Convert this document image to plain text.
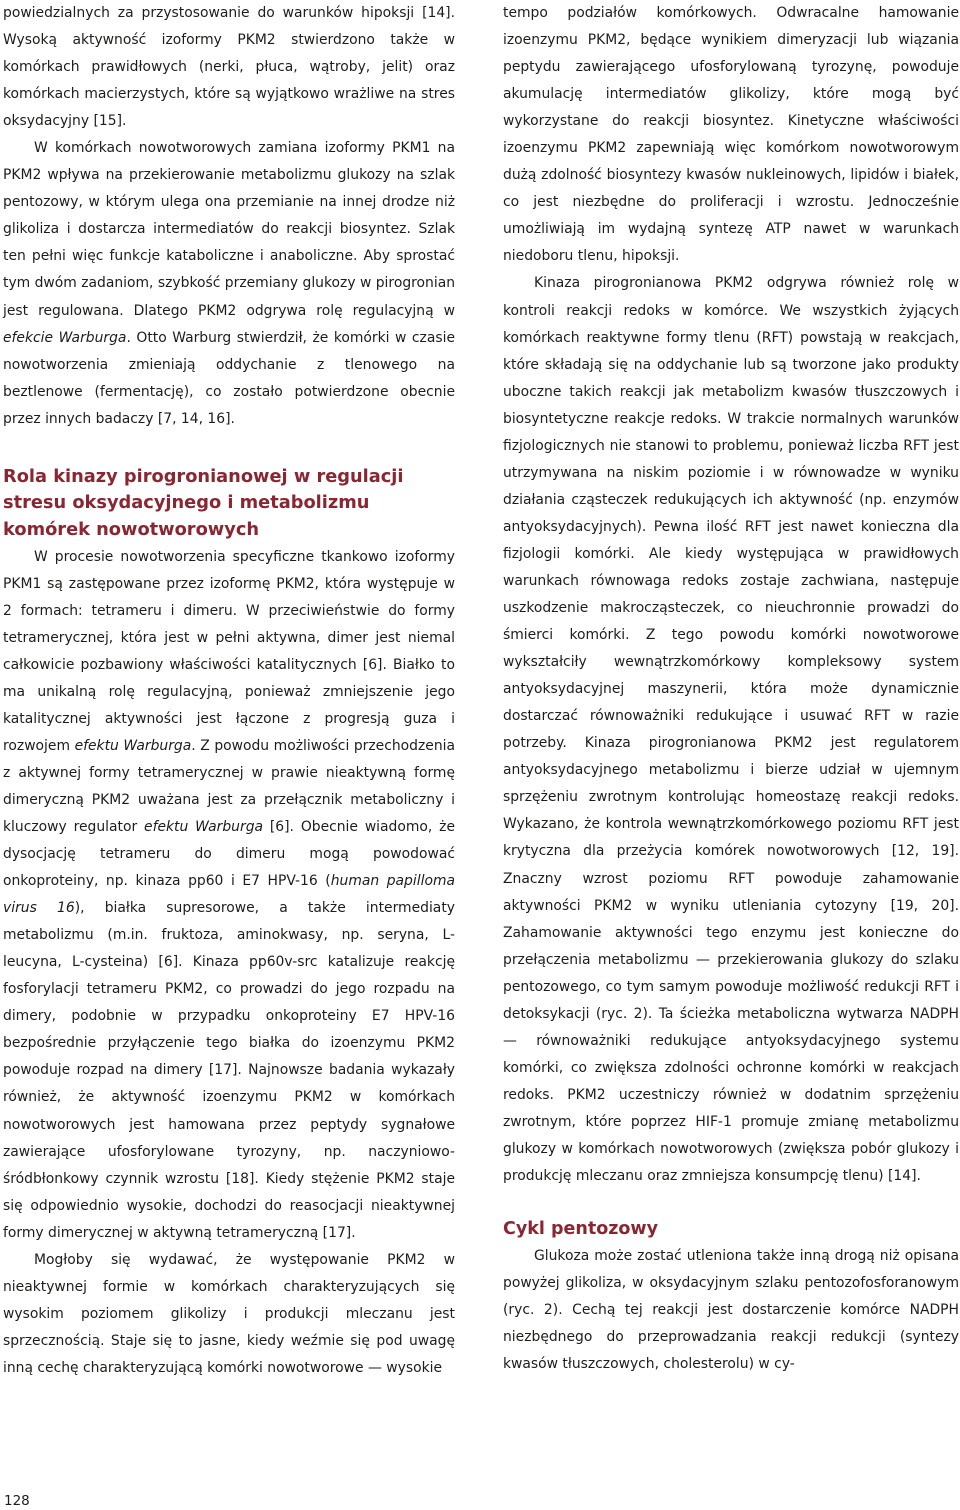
powiedzialnych za przystosowanie do warunków hipoksji [14]. Wysoką aktywność izoformy PKM2 stwierdzono także w komórkach prawidłowych (nerki, płuca, wątroby, jelit) oraz komórkach macierzystych, które są wyjątkowo wrażliwe na stres oksydacyjny [15].

W komórkach nowotworowych zamiana izoformy PKM1 na PKM2 wpływa na przekierowanie metabolizmu glukozy na szlak pentozowy, w którym ulega ona przemianie na innej drodze niż glikoliza i dostarcza intermediatów do reakcji biosyntez. Szlak ten pełni więc funkcje kataboliczne i anaboliczne. Aby sprostać tym dwóm zadaniom, szybkość przemiany glukozy w pirogronian jest regulowana. Dlatego PKM2 odgrywa rolę regulacyjną w efekcie Warburga. Otto Warburg stwierdził, że komórki w czasie nowotworzenia zmieniają oddychanie z tlenowego na beztlenowe (fermentację), co zostało potwierdzone obecnie przez innych badaczy [7, 14, 16].

Rola kinazy pirogronianowej w regulacji stresu oksydacyjnego i metabolizmu komórek nowotworowych

W procesie nowotworzenia specyficzne tkankowo izoformy PKM1 są zastępowane przez izoformę PKM2, która występuje w 2 formach: tetrameru i dimeru. W przeciwieństwie do formy tetramerycznej, która jest w pełni aktywna, dimer jest niemal całkowicie pozbawiony właściwości katalitycznych [6]. Białko to ma unikalną rolę regulacyjną, ponieważ zmniejszenie jego katalitycznej aktywności jest łączone z progresją guza i rozwojem efektu Warburga. Z powodu możliwości przechodzenia z aktywnej formy tetramerycznej w prawie nieaktywną formę dimeryczną PKM2 uważana jest za przełącznik metaboliczny i kluczowy regulator efektu Warburga [6]. Obecnie wiadomo, że dysocjację tetrameru do dimeru mogą powodować onkoproteiny, np. kinaza pp60 i E7 HPV-16 (human papilloma virus 16), białka supresorowe, a także intermediaty metabolizmu (m.in. fruktoza, aminokwasy, np. seryna, L-leucyna, L-cysteina) [6]. Kinaza pp60v-src katalizuje reakcję fosforylacji tetrameru PKM2, co prowadzi do jego rozpadu na dimery, podobnie w przypadku onkoproteiny E7 HPV-16 bezpośrednie przyłączenie tego białka do izoenzymu PKM2 powoduje rozpad na dimery [17]. Najnowsze badania wykazały również, że aktywność izoenzymu PKM2 w komórkach nowotworowych jest hamowana przez peptydy sygnałowe zawierające ufosforylowane tyrozyny, np. naczyniowo-śródbłonkowy czynnik wzrostu [18]. Kiedy stężenie PKM2 staje się odpowiednio wysokie, dochodzi do reasocjacji nieaktywnej formy dimerycznej w aktywną tetrameryczną [17].

Mogłoby się wydawać, że występowanie PKM2 w nieaktywnej formie w komórkach charakteryzujących się wysokim poziomem glikolizy i produkcji mleczanu jest sprzecznością. Staje się to jasne, kiedy weźmie się pod uwagę inną cechę charakteryzującą komórki nowotworowe — wysokie

tempo podziałów komórkowych. Odwracalne hamowanie izoenzymu PKM2, będące wynikiem dimeryzacji lub wiązania peptydu zawierającego ufosforylowaną tyrozynę, powoduje akumulację intermediatów glikolizy, które mogą być wykorzystane do reakcji biosyntez. Kinetyczne właściwości izoenzymu PKM2 zapewniają więc komórkom nowotworowym dużą zdolność biosyntezy kwasów nukleinowych, lipidów i białek, co jest niezbędne do proliferacji i wzrostu. Jednocześnie umożliwiają im wydajną syntezę ATP nawet w warunkach niedoboru tlenu, hipoksji.

Kinaza pirogronianowa PKM2 odgrywa również rolę w kontroli reakcji redoks w komórce. We wszystkich żyjących komórkach reaktywne formy tlenu (RFT) powstają w reakcjach, które składają się na oddychanie lub są tworzone jako produkty uboczne takich reakcji jak metabolizm kwasów tłuszczowych i biosyntetyczne reakcje redoks. W trakcie normalnych warunków fizjologicznych nie stanowi to problemu, ponieważ liczba RFT jest utrzymywana na niskim poziomie i w równowadze w wyniku działania cząsteczek redukujących ich aktywność (np. enzymów antyoksydacyjnych). Pewna ilość RFT jest nawet konieczna dla fizjologii komórki. Ale kiedy występująca w prawidłowych warunkach równowaga redoks zostaje zachwiana, następuje uszkodzenie makrocząsteczek, co nieuchronnie prowadzi do śmierci komórki. Z tego powodu komórki nowotworowe wykształciły wewnątrzkomórkowy kompleksowy system antyoksydacyjnej maszynerii, która może dynamicznie dostarczać równoważniki redukujące i usuwać RFT w razie potrzeby. Kinaza pirogronianowa PKM2 jest regulatorem antyoksydacyjnego metabolizmu i bierze udział w ujemnym sprzężeniu zwrotnym kontrolując homeostazę reakcji redoks. Wykazano, że kontrola wewnątrzkomórkowego poziomu RFT jest krytyczna dla przeżycia komórek nowotworowych [12, 19]. Znaczny wzrost poziomu RFT powoduje zahamowanie aktywności PKM2 w wyniku utleniania cytozyny [19, 20]. Zahamowanie aktywności tego enzymu jest konieczne do przełączenia metabolizmu — przekierowania glukozy do szlaku pentozowego, co tym samym powoduje możliwość redukcji RFT i detoksykacji (ryc. 2). Ta ścieżka metaboliczna wytwarza NADPH — równoważniki redukujące antyoksydacyjnego systemu komórki, co zwiększa zdolności ochronne komórki w reakcjach redoks. PKM2 uczestniczy również w dodatnim sprzężeniu zwrotnym, które poprzez HIF-1 promuje zmianę metabolizmu glukozy w komórkach nowotworowych (zwiększa pobór glukozy i produkcję mleczanu oraz zmniejsza konsumpcję tlenu) [14].

Cykl pentozowy

Glukoza może zostać utleniona także inną drogą niż opisana powyżej glikoliza, w oksydacyjnym szlaku pentozofosforanowym (ryc. 2). Cechą tej reakcji jest dostarczenie komórce NADPH niezbędnego do przeprowadzania reakcji redukcji (syntezy kwasów tłuszczowych, cholesterolu) w cy-

128
